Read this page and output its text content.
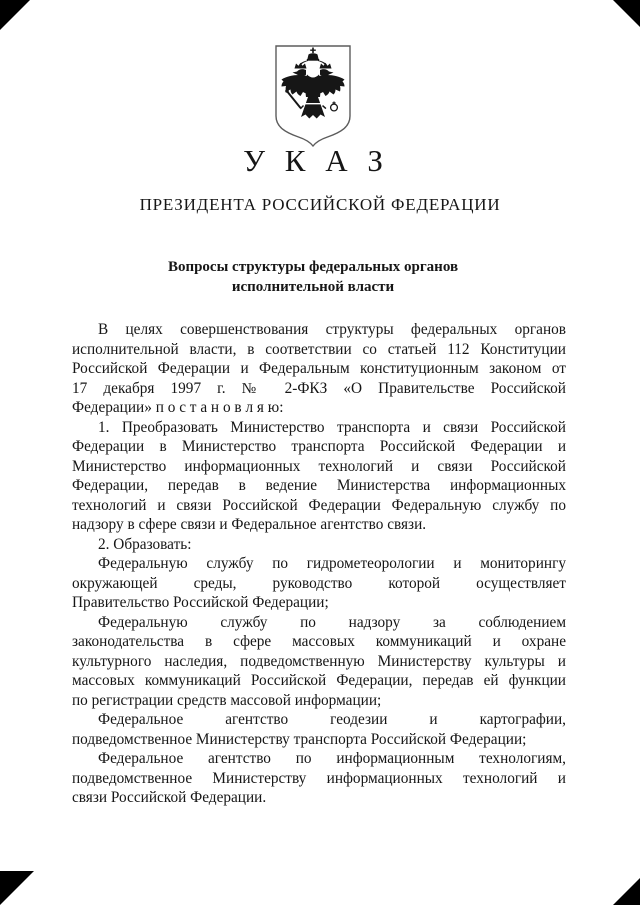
У К А З
ПРЕЗИДЕНТА РОССИЙСКОЙ ФЕДЕРАЦИИ
Вопросы структуры федеральных органов
исполнительной власти
В целях совершенствования структуры федеральных органов
исполнительной власти, в соответствии со статьей 112 Конституции
Российской Федерации и Федеральным конституционным законом от
17 декабря 1997 г. № 2-ФКЗ «О Правительстве Российской
Федерации» п о с т а н о в л я ю:
1. Преобразовать Министерство транспорта и связи Российской
Федерации в Министерство транспорта Российской Федерации и
Министерство информационных технологий и связи Российской
Федерации, передав в ведение Министерства информационных
технологий и связи Российской Федерации Федеральную службу по
надзору в сфере связи и Федеральное агентство связи.
2. Образовать:
Федеральную службу по гидрометеорологии и мониторингу
окружающей среды, руководство которой осуществляет
Правительство Российской Федерации;
Федеральную службу по надзору за соблюдением
законодательства в сфере массовых коммуникаций и охране
культурного наследия, подведомственную Министерству культуры и
массовых коммуникаций Российской Федерации, передав ей функции
по регистрации средств массовой информации;
Федеральное агентство геодезии и картографии,
подведомственное Министерству транспорта Российской Федерации;
Федеральное агентство по информационным технологиям,
подведомственное Министерству информационных технологий и
связи Российской Федерации.
